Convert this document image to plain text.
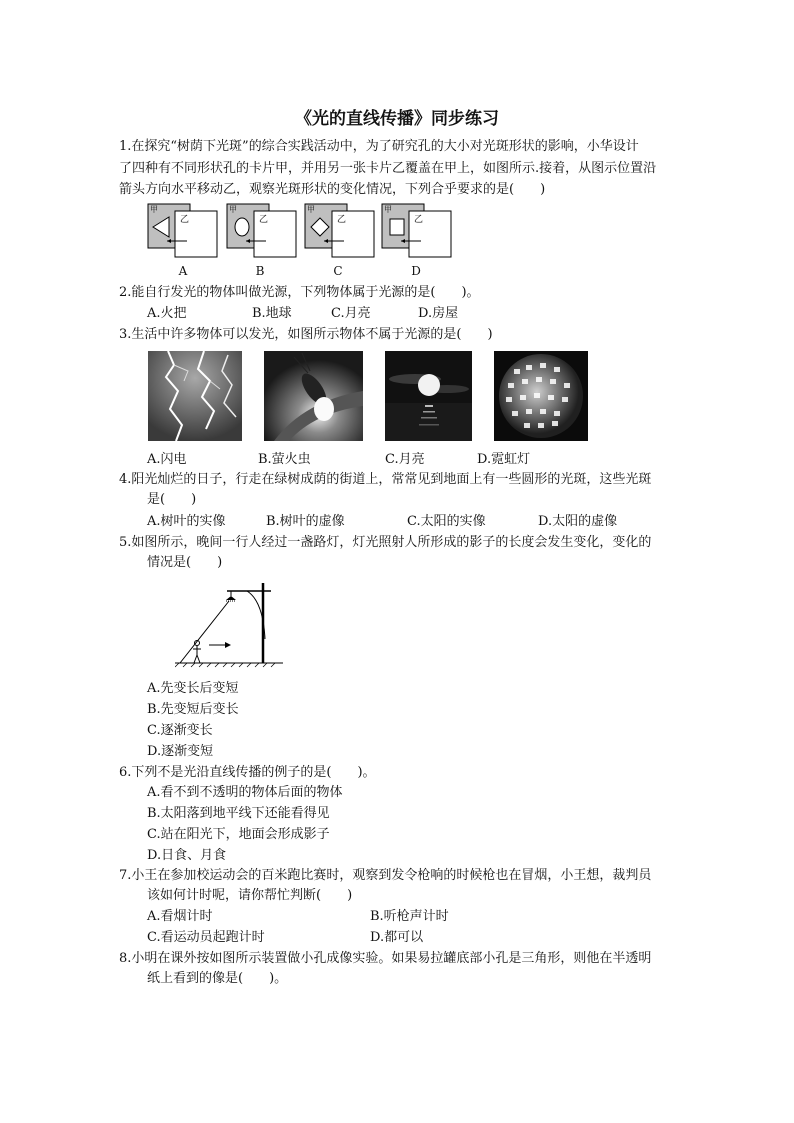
《光的直线传播》同步练习
1.在探究“树荫下光斑”的综合实践活动中，为了研究孔的大小对光斑形状的影响，小华设计
了四种有不同形状孔的卡片甲，并用另一张卡片乙覆盖在甲上，如图所示.接着，从图示位置沿
箭头方向水平移动乙，观察光斑形状的变化情况，下列合乎要求的是(　　)
甲
乙
甲
乙
甲
乙
甲
乙
A	B	C	D
2.能自行发光的物体叫做光源，下列物体属于光源的是(　　)。
A.火把	B.地球	C.月亮	D.房屋
3.生活中许多物体可以发光，如图所示物体不属于光源的是(　　)
A.闪电	B.萤火虫	C.月亮	D.霓虹灯
4.阳光灿烂的日子，行走在绿树成荫的街道上，常常见到地面上有一些圆形的光斑，这些光斑
是(　　)
A.树叶的实像	B.树叶的虚像	C.太阳的实像	D.太阳的虚像
5.如图所示，晚间一行人经过一盏路灯，灯光照射人所形成的影子的长度会发生变化，变化的
情况是(　　)
A.先变长后变短
B.先变短后变长
C.逐渐变长
D.逐渐变短
6.下列不是光沿直线传播的例子的是(　　)。
A.看不到不透明的物体后面的物体
B.太阳落到地平线下还能看得见
C.站在阳光下，地面会形成影子
D.日食、月食
7.小王在参加校运动会的百米跑比赛时，观察到发令枪响的时候枪也在冒烟，小王想，裁判员
该如何计时呢，请你帮忙判断(　　)
A.看烟计时	B.听枪声计时
C.看运动员起跑计时	D.都可以
8.小明在课外按如图所示装置做小孔成像实验。如果易拉罐底部小孔是三角形，则他在半透明
纸上看到的像是(　　)。
